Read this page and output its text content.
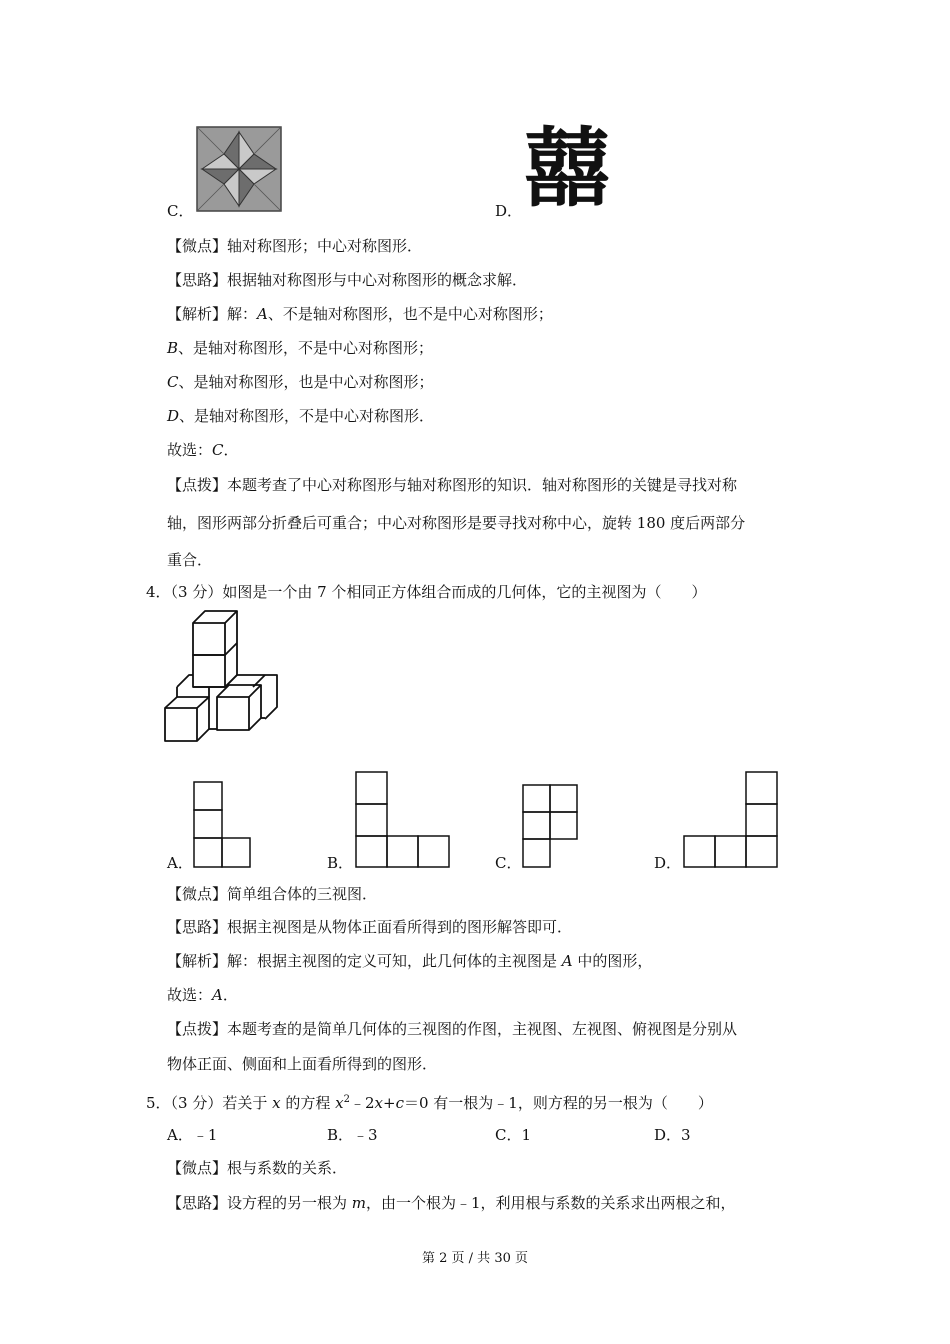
C．	D． 囍
【微点】轴对称图形；中心对称图形．
【思路】根据轴对称图形与中心对称图形的概念求解．
【解析】解：A、不是轴对称图形，也不是中心对称图形；
B、是轴对称图形，不是中心对称图形；
C、是轴对称图形，也是中心对称图形；
D、是轴对称图形，不是中心对称图形．
故选：C．
【点拨】本题考查了中心对称图形与轴对称图形的知识．轴对称图形的关键是寻找对称
轴，图形两部分折叠后可重合；中心对称图形是要寻找对称中心，旋转 180 度后两部分
重合．
4．（3 分）如图是一个由 7 个相同正方体组合而成的几何体，它的主视图为（　　）
A．	B．	C．	D．
【微点】简单组合体的三视图．
【思路】根据主视图是从物体正面看所得到的图形解答即可．
【解析】解：根据主视图的定义可知，此几何体的主视图是 A 中的图形，
故选：A．
【点拨】本题考查的是简单几何体的三视图的作图，主视图、左视图、俯视图是分别从
物体正面、侧面和上面看所得到的图形．
5．（3 分）若关于 x 的方程 $x^2﹣2x+c=0$ 有一根为﹣1，则方程的另一根为（　　）
A．﹣1	B．﹣3	C．1	D．3
【微点】根与系数的关系．
【思路】设方程的另一根为 m，由一个根为﹣1，利用根与系数的关系求出两根之和，
第 2 页 / 共 30 页
